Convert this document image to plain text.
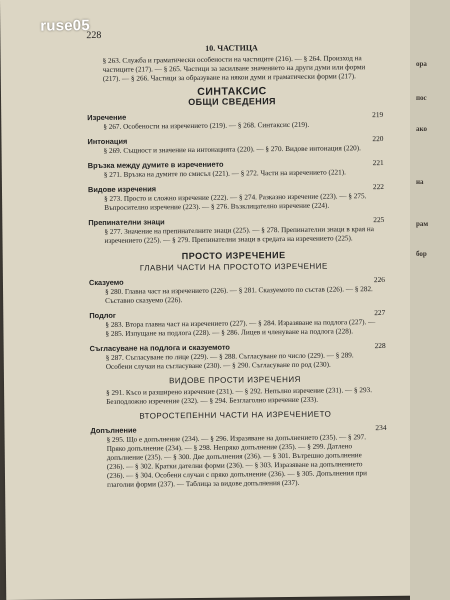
ruse05
228
10. ЧАСТИЦА
§ 263. Служба и граматически особености на частиците (216). — § 264. Произход на частиците (217). — § 265. Частици за засилване значението на други думи или форми (217). — § 266. Частици за образуване на някои думи и граматически форми (217).
СИНТАКСИС
ОБЩИ СВЕДЕНИЯ
Изречение	219
§ 267. Особености на изречението (219). — § 268. Синтаксис (219).
Интонация	220
§ 269. Същност и значение на интонацията (220). — § 270. Видове интонация (220).
Връзка между думите в изречението	221
§ 271. Връзка на думите по смисъл (221). — § 272. Части на изречението (221).
Видове изречения	222
§ 273. Просто и сложно изречение (222). — § 274. Разказно изречение (223). — § 275. Въпросително изречение (223). — § 276. Възклицателно изречение (224).
Препинателни знаци	225
§ 277. Значение на препинателните знаци (225). — § 278. Препинателни знаци в края на изречението (225). — § 279. Препинателни знаци в средата на изречението (225).
ПРОСТО ИЗРЕЧЕНИЕ
ГЛАВНИ ЧАСТИ НА ПРОСТОТО ИЗРЕЧЕНИЕ
Сказуемо	226
§ 280. Главна част на изречението (226). — § 281. Сказуемото по състав (226). — § 282. Съставно сказуемо (226).
Подлог	227
§ 283. Втора главна част на изречението (227). — § 284. Изразяване на подлога (227). — § 285. Изпущане на подлога (228). — § 286. Лицев и членуване на подлога (228).
Съгласуване на подлога и сказуемото	228
§ 287. Съгласуване по лице (229). — § 288. Съгласуване по число (229). — § 289. Особени случаи на съгласуване (230). — § 290. Съгласуване по род (230).
ВИДОВЕ ПРОСТИ ИЗРЕЧЕНИЯ
§ 291. Късо и разширено изречение (231). — § 292. Непълно изречение (231). — § 293. Безподложно изречение (232). — § 294. Безглаголно изречение (233).
ВТОРОСТЕПЕННИ ЧАСТИ НА ИЗРЕЧЕНИЕТО
Допълнение	234
§ 295. Що е допълнение (234). — § 296. Изразяване на допълнението (235). — § 297. Пряко допълнение (234). — § 298. Непряко допълнение (235). — § 299. Датлено допълнение (235). — § 300. Две допълнения (236). — § 301. Вътрешно допълнение (236). — § 302. Кратки дателни форми (236). — § 303. Изразяване на допълнението (236). — § 304. Особени случаи с пряко допълнение (236). — § 305. Допълнения при глаголни форми (237). — Таблица за видове допълнения (237).
ора
пос
ако
на
рам
бор
